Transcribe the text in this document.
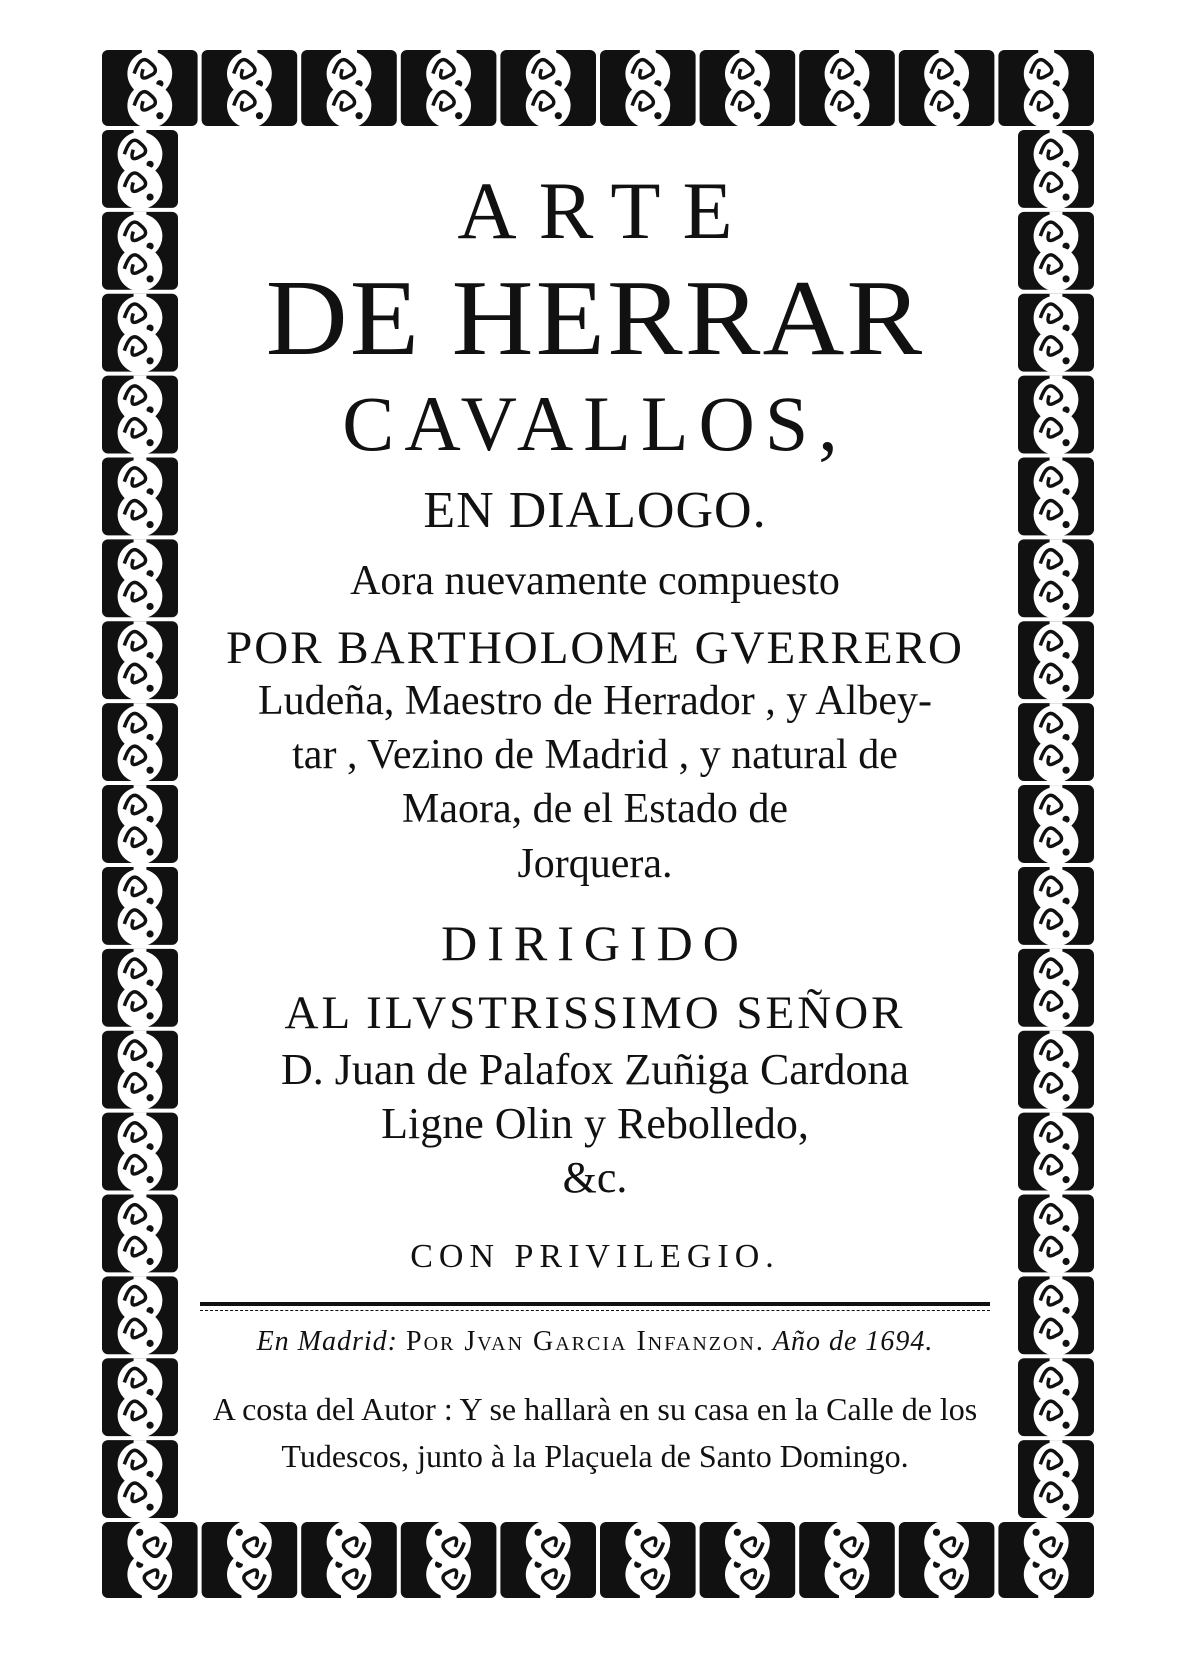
ARTE
DE HERRAR
CAVALLOS,
EN DIALOGO.
Aora nuevamente compuesto
POR BARTHOLOME GVERRERO
Ludeña, Maestro de Herrador , y Albey-
tar , Vezino de Madrid , y natural de
Maora, de el Estado de
Jorquera.
DIRIGIDO
AL ILVSTRISSIMO SEÑOR
D. Juan de Palafox Zuñiga Cardona
Ligne Olin y Rebolledo,
&c.
CON PRIVILEGIO.
En Madrid: Por Jvan Garcia Infanzon. Año de 1694.
A costa del Autor : Y se hallarà en su casa en la Calle de los
Tudescos, junto à la Plaçuela de Santo Domingo.
